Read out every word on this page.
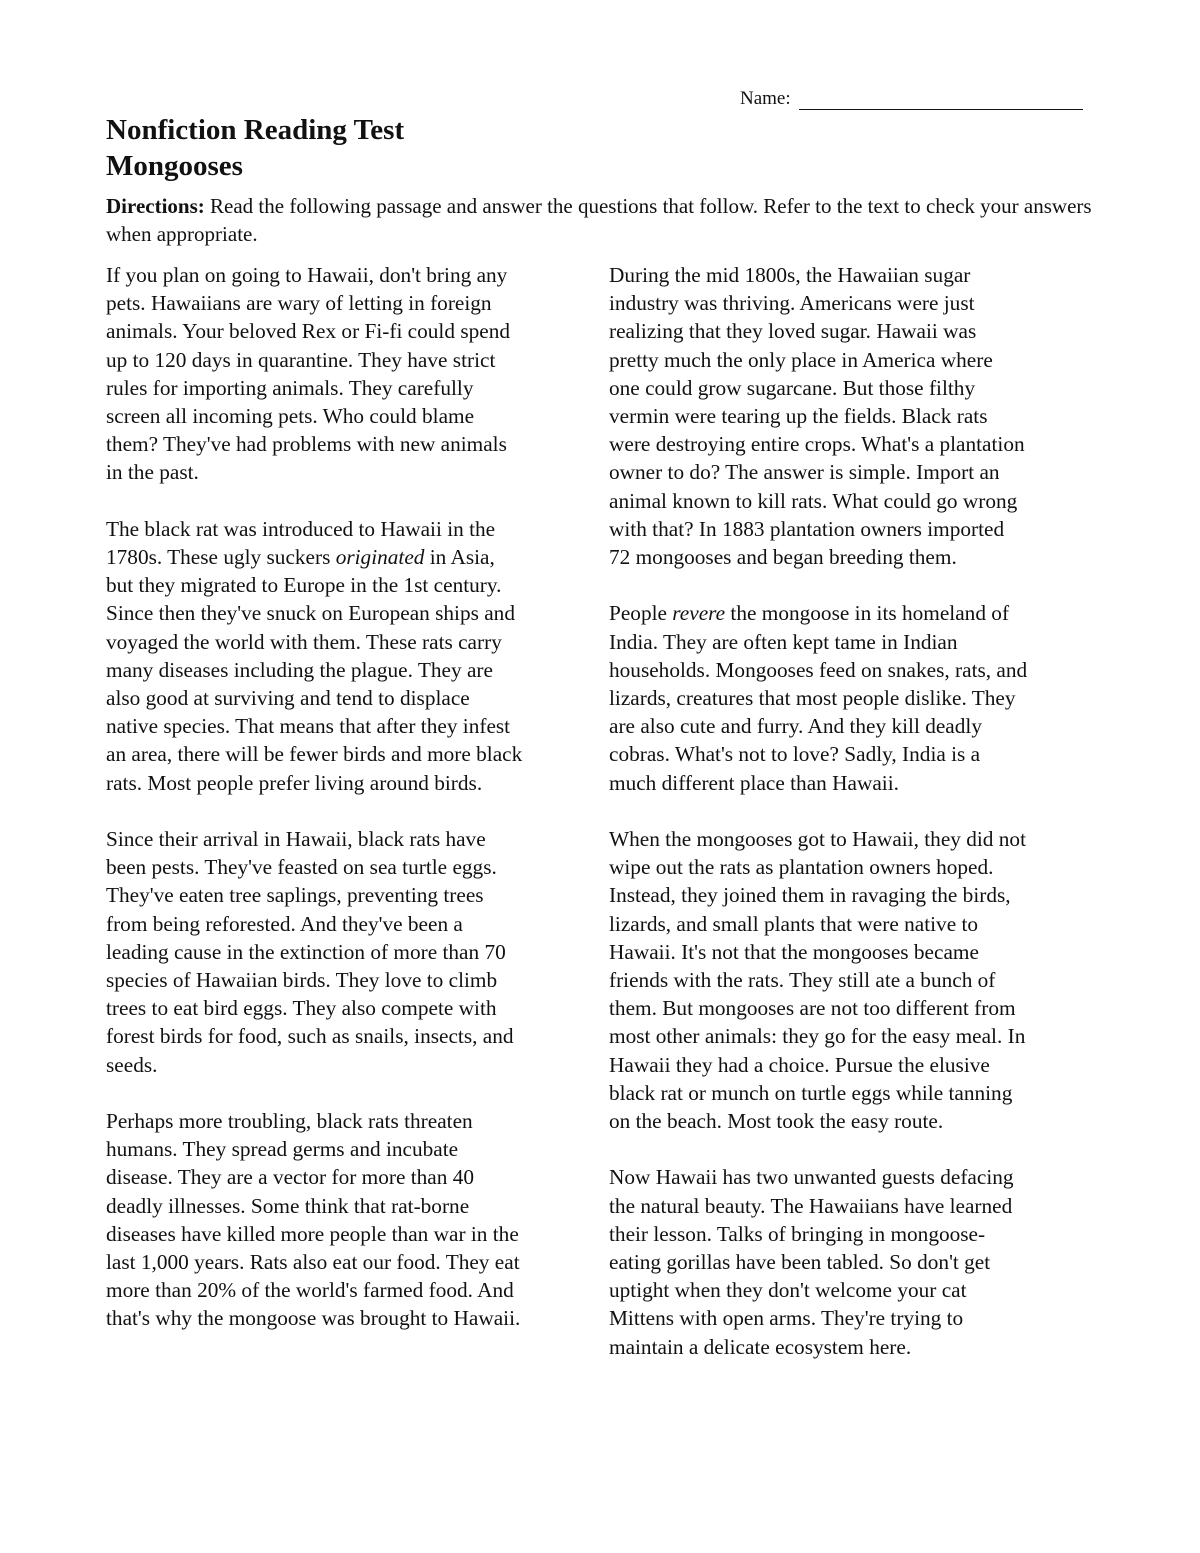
Name:
Nonfiction Reading Test
Mongooses

Directions: Read the following passage and answer the questions that follow. Refer to the text to check your answers when appropriate.

If you plan on going to Hawaii, don't bring any
pets. Hawaiians are wary of letting in foreign
animals. Your beloved Rex or Fi-fi could spend
up to 120 days in quarantine. They have strict
rules for importing animals. They carefully
screen all incoming pets. Who could blame
them? They've had problems with new animals
in the past.

The black rat was introduced to Hawaii in the
1780s. These ugly suckers originated in Asia,
but they migrated to Europe in the 1st century.
Since then they've snuck on European ships and
voyaged the world with them. These rats carry
many diseases including the plague. They are
also good at surviving and tend to displace
native species. That means that after they infest
an area, there will be fewer birds and more black
rats. Most people prefer living around birds.

Since their arrival in Hawaii, black rats have
been pests. They've feasted on sea turtle eggs.
They've eaten tree saplings, preventing trees
from being reforested. And they've been a
leading cause in the extinction of more than 70
species of Hawaiian birds. They love to climb
trees to eat bird eggs. They also compete with
forest birds for food, such as snails, insects, and
seeds.

Perhaps more troubling, black rats threaten
humans. They spread germs and incubate
disease. They are a vector for more than 40
deadly illnesses. Some think that rat-borne
diseases have killed more people than war in the
last 1,000 years. Rats also eat our food. They eat
more than 20% of the world's farmed food. And
that's why the mongoose was brought to Hawaii.

During the mid 1800s, the Hawaiian sugar
industry was thriving. Americans were just
realizing that they loved sugar. Hawaii was
pretty much the only place in America where
one could grow sugarcane. But those filthy
vermin were tearing up the fields. Black rats
were destroying entire crops. What's a plantation
owner to do? The answer is simple. Import an
animal known to kill rats. What could go wrong
with that? In 1883 plantation owners imported
72 mongooses and began breeding them.

People revere the mongoose in its homeland of
India. They are often kept tame in Indian
households. Mongooses feed on snakes, rats, and
lizards, creatures that most people dislike. They
are also cute and furry. And they kill deadly
cobras. What's not to love? Sadly, India is a
much different place than Hawaii.

When the mongooses got to Hawaii, they did not
wipe out the rats as plantation owners hoped.
Instead, they joined them in ravaging the birds,
lizards, and small plants that were native to
Hawaii. It's not that the mongooses became
friends with the rats. They still ate a bunch of
them. But mongooses are not too different from
most other animals: they go for the easy meal. In
Hawaii they had a choice. Pursue the elusive
black rat or munch on turtle eggs while tanning
on the beach. Most took the easy route.

Now Hawaii has two unwanted guests defacing
the natural beauty. The Hawaiians have learned
their lesson. Talks of bringing in mongoose-
eating gorillas have been tabled. So don't get
uptight when they don't welcome your cat
Mittens with open arms. They're trying to
maintain a delicate ecosystem here.
